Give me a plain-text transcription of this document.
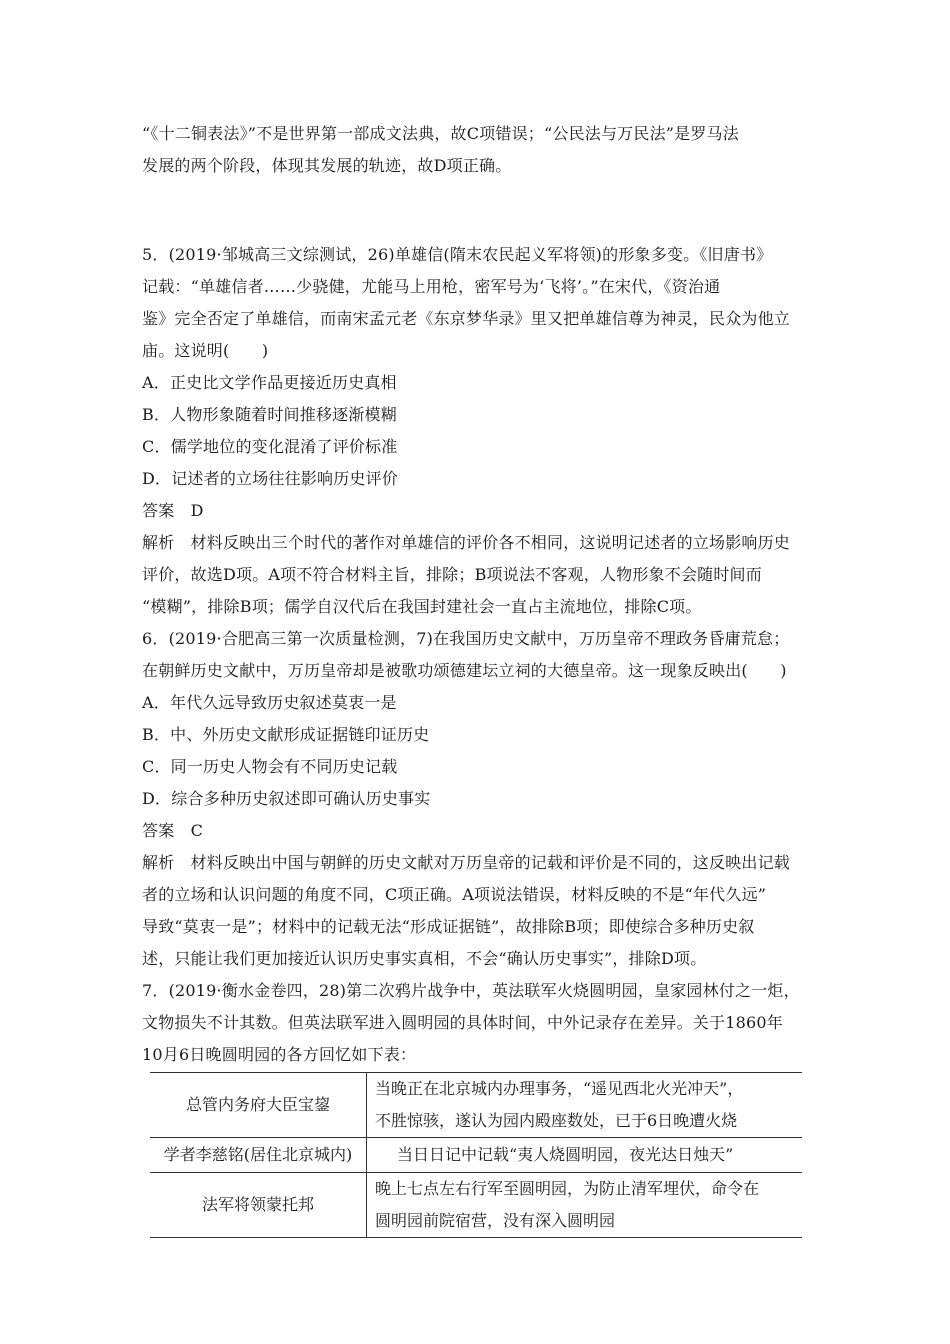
“《十二铜表法》”不是世界第一部成文法典，故C项错误；“公民法与万民法”是罗马法
发展的两个阶段，体现其发展的轨迹，故D项正确。
5．(2019·邹城高三文综测试，26)单雄信(隋末农民起义军将领)的形象多变。《旧唐书》
记载：“单雄信者……少骁健，尤能马上用枪，密军号为‘飞将’。”在宋代，《资治通
鉴》完全否定了单雄信，而南宋孟元老《东京梦华录》里又把单雄信尊为神灵，民众为他立
庙。这说明(　　)
A．正史比文学作品更接近历史真相
B．人物形象随着时间推移逐渐模糊
C．儒学地位的变化混淆了评价标准
D．记述者的立场往往影响历史评价
答案　D
解析　材料反映出三个时代的著作对单雄信的评价各不相同，这说明记述者的立场影响历史
评价，故选D项。A项不符合材料主旨，排除；B项说法不客观，人物形象不会随时间而
“模糊”，排除B项；儒学自汉代后在我国封建社会一直占主流地位，排除C项。
6．(2019·合肥高三第一次质量检测，7)在我国历史文献中，万历皇帝不理政务昏庸荒怠；
在朝鲜历史文献中，万历皇帝却是被歌功颂德建坛立祠的大德皇帝。这一现象反映出(　　)
A．年代久远导致历史叙述莫衷一是
B．中、外历史文献形成证据链印证历史
C．同一历史人物会有不同历史记载
D．综合多种历史叙述即可确认历史事实
答案　C
解析　材料反映出中国与朝鲜的历史文献对万历皇帝的记载和评价是不同的，这反映出记载
者的立场和认识问题的角度不同，C项正确。A项说法错误，材料反映的不是“年代久远”
导致“莫衷一是”；材料中的记载无法“形成证据链”，故排除B项；即使综合多种历史叙
述，只能让我们更加接近认识历史事实真相，不会“确认历史事实”，排除D项。
7．(2019·衡水金卷四，28)第二次鸦片战争中，英法联军火烧圆明园，皇家园林付之一炬，
文物损失不计其数。但英法联军进入圆明园的具体时间，中外记录存在差异。关于1860年
10月6日晚圆明园的各方回忆如下表：
总管内务府大臣宝鋆	当晚正在北京城内办理事务，“遥见西北火光冲天”，
不胜惊骇，遂认为园内殿座数处，已于6日晚遭火烧

学者李慈铭(居住北京城内)	当日日记中记载“夷人烧圆明园，夜光达日烛天”

法军将领蒙托邦	晚上七点左右行军至圆明园，为防止清军埋伏，命令在
圆明园前院宿营，没有深入圆明园
